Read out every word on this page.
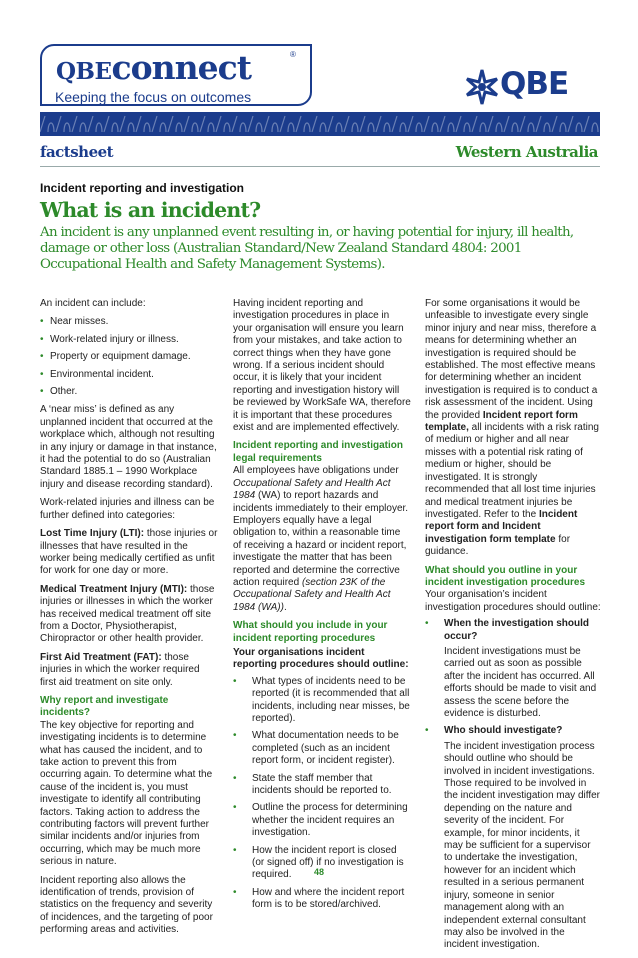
QBEconnect	®
Keeping the focus on outcomes	QBE
factsheet	Western Australia
Incident reporting and investigation
What is an incident?
An incident is any unplanned event resulting in, or having potential for injury, ill health, damage or other loss (Australian Standard/New Zealand Standard 4804: 2001 Occupational Health and Safety Management Systems).

An incident can include:

• Near misses.
• Work-related injury or illness.
• Property or equipment damage.
• Environmental incident.
• Other.

A ‘near miss’ is defined as any unplanned incident that occurred at the workplace which, although not resulting in any injury or damage in that instance, it had the potential to do so (Australian Standard 1885.1 – 1990 Workplace injury and disease recording standard).

Work-related injuries and illness can be further defined into categories:

Lost Time Injury (LTI): those injuries or illnesses that have resulted in the worker being medically certified as unfit for work for one day or more.

Medical Treatment Injury (MTI): those injuries or illnesses in which the worker has received medical treatment off site from a Doctor, Physiotherapist, Chiropractor or other health provider.

First Aid Treatment (FAT): those injuries in which the worker required first aid treatment on site only.

Why report and investigate incidents?

The key objective for reporting and investigating incidents is to determine what has caused the incident, and to take action to prevent this from occurring again. To determine what the cause of the incident is, you must investigate to identify all contributing factors. Taking action to address the contributing factors will prevent further similar incidents and/or injuries from occurring, which may be much more serious in nature.

Incident reporting also allows the identification of trends, provision of statistics on the frequency and severity of incidences, and the targeting of poor performing areas and activities.

Having incident reporting and investigation procedures in place in your organisation will ensure you learn from your mistakes, and take action to correct things when they have gone wrong. If a serious incident should occur, it is likely that your incident reporting and investigation history will be reviewed by WorkSafe WA, therefore it is important that these procedures exist and are implemented effectively.

Incident reporting and investigation legal requirements

All employees have obligations under Occupational Safety and Health Act 1984 (WA) to report hazards and incidents immediately to their employer. Employers equally have a legal obligation to, within a reasonable time of receiving a hazard or incident report, investigate the matter that has been reported and determine the corrective action required (section 23K of the Occupational Safety and Health Act 1984 (WA)).

What should you include in your incident reporting procedures

Your organisations incident reporting procedures should outline:

• What types of incidents need to be reported (it is recommended that all incidents, including near misses, be reported).
• What documentation needs to be completed (such as an incident report form, or incident register).
• State the staff member that incidents should be reported to.
• Outline the process for determining whether the incident requires an investigation.
• How the incident report is closed (or signed off) if no investigation is required.
• How and where the incident report form is to be stored/archived.

For some organisations it would be unfeasible to investigate every single minor injury and near miss, therefore a means for determining whether an investigation is required should be established. The most effective means for determining whether an incident investigation is required is to conduct a risk assessment of the incident. Using the provided Incident report form template, all incidents with a risk rating of medium or higher and all near misses with a potential risk rating of medium or higher, should be investigated. It is strongly recommended that all lost time injuries and medical treatment injuries be investigated. Refer to the Incident report form and Incident investigation form template for guidance.

What should you outline in your incident investigation procedures

Your organisation’s incident investigation procedures should outline:

• When the investigation should occur?
Incident investigations must be carried out as soon as possible after the incident has occurred. All efforts should be made to visit and assess the scene before the evidence is disturbed.
• Who should investigate?
The incident investigation process should outline who should be involved in incident investigations. Those required to be involved in the incident investigation may differ depending on the nature and severity of the incident. For example, for minor incidents, it may be sufficient for a supervisor to undertake the investigation, however for an incident which resulted in a serious permanent injury, someone in senior management along with an independent external consultant may also be involved in the incident investigation.
48
